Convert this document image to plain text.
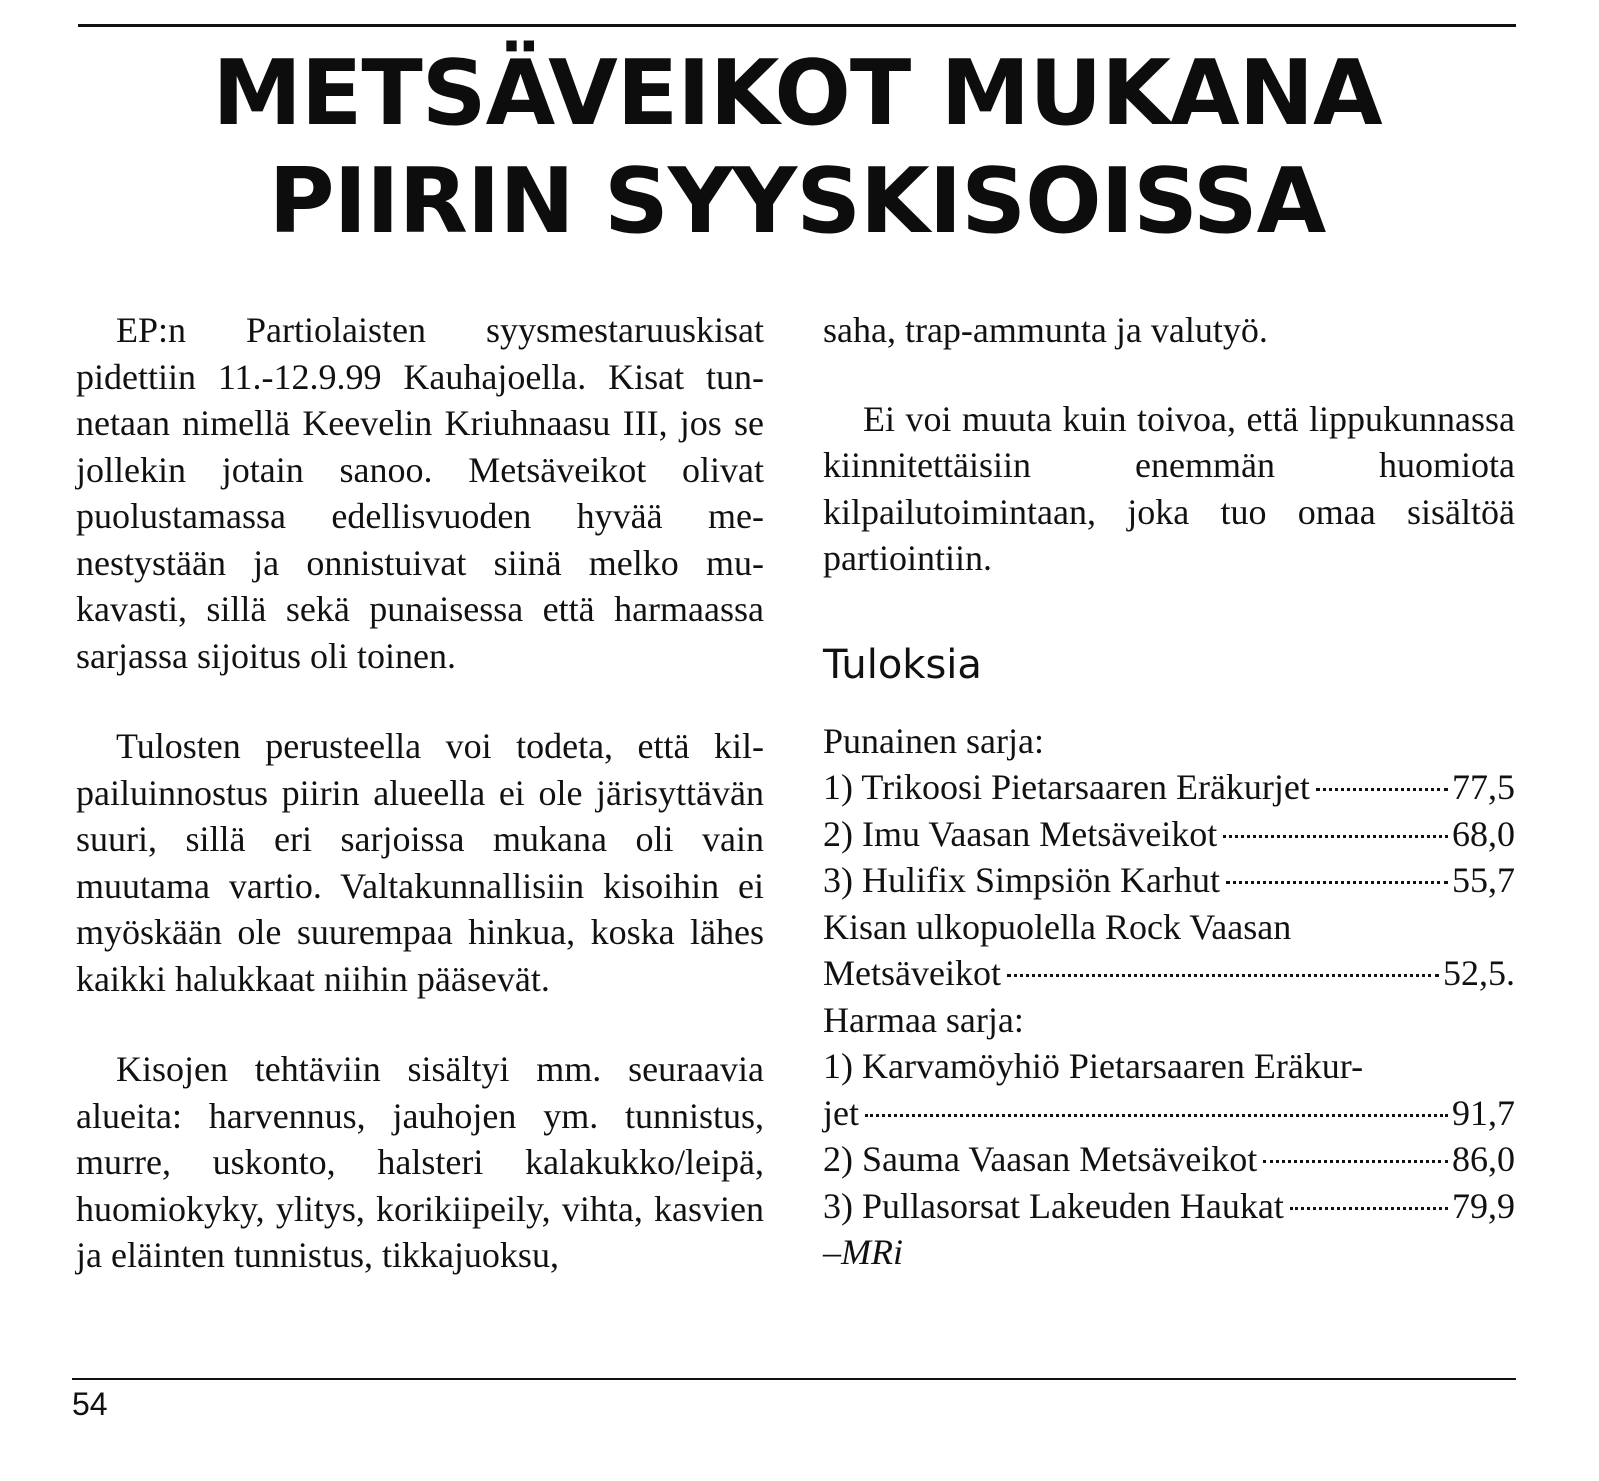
METSÄVEIKOT MUKANA
PIIRIN SYYSKISOISSA

EP:n Partiolaisten syysmestaruuskisat pidettiin 11.-12.9.99 Kauhajoella. Kisat tunnetaan nimellä Keevelin Kriuhnaasu III, jos se jollekin jotain sanoo. Metsäveikot olivat puolustamassa edellisvuoden hyvää menestystään ja onnistuivat siinä melko mukavasti, sillä sekä punaisessa että harmaassa sarjassa sijoitus oli toinen.

Tulosten perusteella voi todeta, että kilpailuinnostus piirin alueella ei ole järisyttävän suuri, sillä eri sarjoissa mukana oli vain muutama vartio. Valtakunnallisiin kisoihin ei myöskään ole suurempaa hinkua, koska lähes kaikki halukkaat niihin pääsevät.

Kisojen tehtäviin sisältyi mm. seuraavia alueita: harvennus, jauhojen ym. tunnistus, murre, uskonto, halsteri kalakukko/leipä, huomiokyky, ylitys, korikiipeily, vihta, kasvien ja eläinten tunnistus, tikkajuoksu,

saha, trap-ammunta ja valutyö.

Ei voi muuta kuin toivoa, että lippukunnassa kiinnitettäisiin enemmän huomiota kilpailutoimintaan, joka tuo omaa sisältöä partiointiin.

Tuloksia

Punainen sarja:

1) Trikoosi Pietarsaaren Eräkurjet	77,5
2) Imu Vaasan Metsäveikot	68,0
3) Hulifix Simpsiön Karhut	55,7

Kisan ulkopuolella Rock Vaasan

Metsäveikot	52,5.

Harmaa sarja:

1) Karvamöyhiö Pietarsaaren Eräkur-

jet	91,7
2) Sauma Vaasan Metsäveikot	86,0
3) Pullasorsat Lakeuden Haukat	79,9

–MRi

54
